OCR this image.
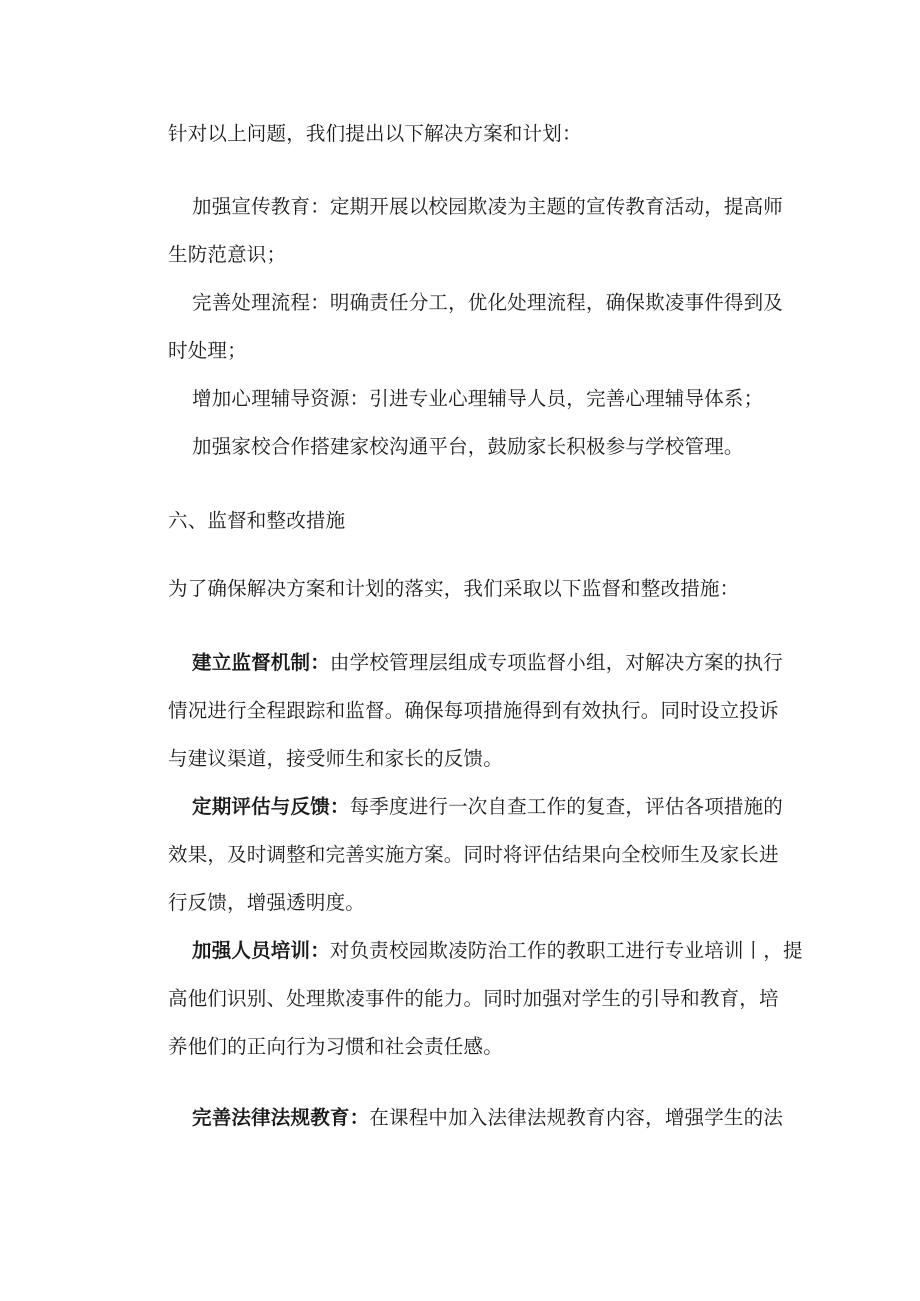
针对以上问题，我们提出以下解决方案和计划：
加强宣传教育：定期开展以校园欺凌为主题的宣传教育活动，提高师
生防范意识；
完善处理流程：明确责任分工，优化处理流程，确保欺凌事件得到及
时处理；
增加心理辅导资源：引进专业心理辅导人员，完善心理辅导体系；
加强家校合作搭建家校沟通平台，鼓励家长积极参与学校管理。
六、监督和整改措施
为了确保解决方案和计划的落实，我们采取以下监督和整改措施：
建立监督机制：由学校管理层组成专项监督小组，对解决方案的执行
情况进行全程跟踪和监督。确保每项措施得到有效执行。同时设立投诉
与建议渠道，接受师生和家长的反馈。
定期评估与反馈：每季度进行一次自查工作的复查，评估各项措施的
效果，及时调整和完善实施方案。同时将评估结果向全校师生及家长进
行反馈，增强透明度。
加强人员培训：对负责校园欺凌防治工作的教职工进行专业培训丨，提
高他们识别、处理欺凌事件的能力。同时加强对学生的引导和教育，培
养他们的正向行为习惯和社会责任感。
完善法律法规教育：在课程中加入法律法规教育内容，增强学生的法
